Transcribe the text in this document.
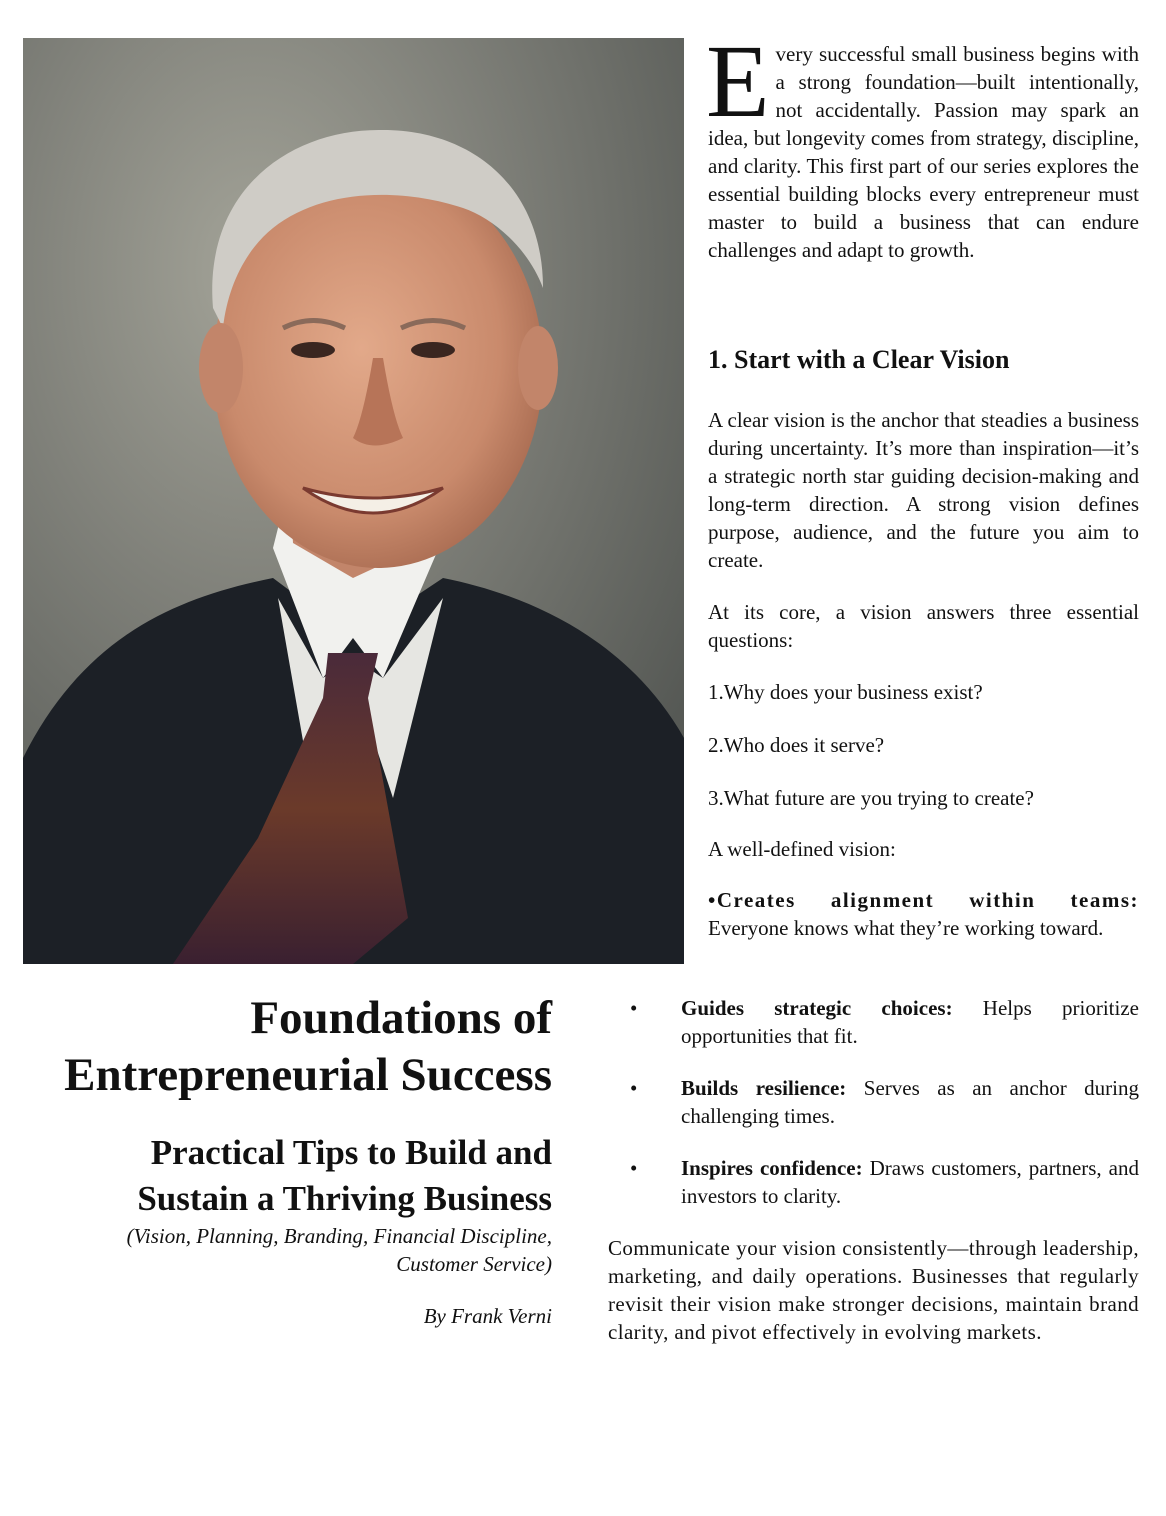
Every successful small business begins with a strong foundation—built intentionally, not accidentally. Passion may spark an idea, but longevity comes from strategy, discipline, and clarity. This first part of our series explores the essential building blocks every entrepreneur must master to build a business that can endure challenges and adapt to growth.

1. Start with a Clear Vision

A clear vision is the anchor that steadies a business during uncertainty. It’s more than inspiration—it’s a strategic north star guiding decision-making and long-term direction. A strong vision defines purpose, audience, and the future you aim to create.

At its core, a vision answers three essential questions:

1.Why does your business exist?

2.Who does it serve?

3.What future are you trying to create?

A well-defined vision:

•Creates alignment within teams: Everyone knows what they’re working toward.

• Guides strategic choices: Helps prioritize opportunities that fit.
• Builds resilience: Serves as an anchor during challenging times.
• Inspires confidence: Draws customers, partners, and investors to clarity.

Communicate your vision consistently—through leadership, marketing, and daily operations. Businesses that regularly revisit their vision make stronger decisions, maintain brand clarity, and pivot effectively in evolving markets.

Foundations of
Entrepreneurial Success
Practical Tips to Build and
Sustain a Thriving Business

(Vision, Planning, Branding, Financial Discipline,
Customer Service)

By Frank Verni
